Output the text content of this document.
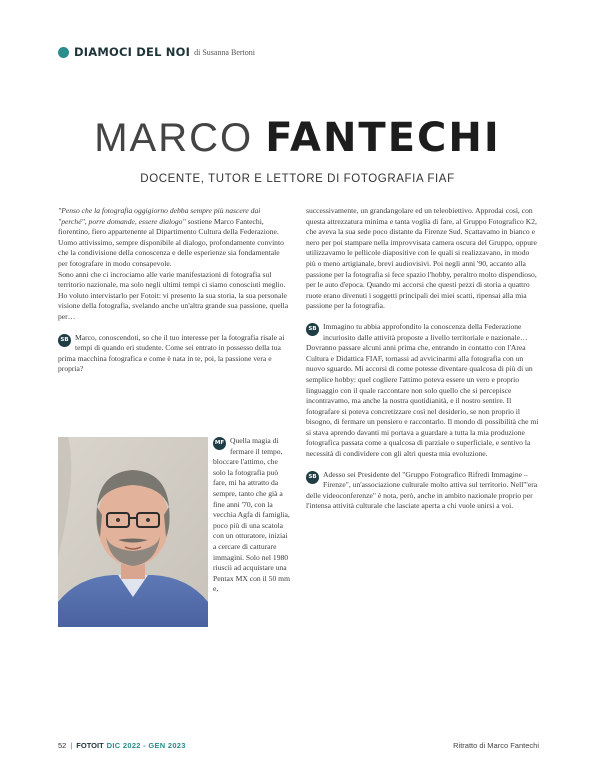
DIAMOCI DEL NOI di Susanna Bertoni
MARCO FANTECHI
DOCENTE, TUTOR E LETTORE DI FOTOGRAFIA FIAF

"Penso che la fotografia oggigiorno debba sempre più nascere dai "perché", porre domande, essere dialogo" sostiene Marco Fantechi, fiorentino, fiero appartenente al Dipartimento Cultura della Federazione. Uomo attivissimo, sempre disponibile al dialogo, profondamente convinto che la condivisione della conoscenza e delle esperienze sia fondamentale per fotografare in modo consapevole.

Sono anni che ci incrociamo alle varie manifestazioni di fotografia sul territorio nazionale, ma solo negli ultimi tempi ci siamo conosciuti meglio. Ho voluto intervistarlo per Fotoit: vi presento la sua storia, la sua personale visione della fotografia, svelando anche un'altra grande sua passione, quella per…

SB Marco, conoscendoti, so che il tuo interesse per la fotografia risale ai tempi di quando eri studente. Come sei entrato in possesso della tua prima macchina fotografica e come è nata in te, poi, la passione vera e propria?
MF Quella magia di fermare il tempo, bloccare l'attimo, che solo la fotografia può fare, mi ha attratto da sempre, tanto che già a fine anni '70, con la vecchia Agfa di famiglia, poco più di una scatola con un otturatore, iniziai a cercare di catturare immagini. Solo nel 1980 riuscii ad acquistare una Pentax MX con il 50 mm e,

successivamente, un grandangolare ed un teleobiettivo. Approdai così, con questa attrezzatura minima e tanta voglia di fare, al Gruppo Fotografico K2, che aveva la sua sede poco distante da Firenze Sud. Scattavamo in bianco e nero per poi stampare nella improvvisata camera oscura del Gruppo, oppure utilizzavamo le pellicole diapositive con le quali si realizzavano, in modo più o meno artigianale, brevi audiovisivi. Poi negli anni '90, accanto alla passione per la fotografia si fece spazio l'hobby, peraltro molto dispendioso, per le auto d'epoca. Quando mi accorsi che questi pezzi di storia a quattro ruote erano divenuti i soggetti principali dei miei scatti, ripensai alla mia passione per la fotografia.

SB Immagino tu abbia approfondito la conoscenza della Federazione incuriosito dalle attività proposte a livello territoriale e nazionale…

Dovranno passare alcuni anni prima che, entrando in contatto con l'Area Cultura e Didattica FIAF, tornassi ad avvicinarmi alla fotografia con un nuovo sguardo. Mi accorsi di come potesse diventare qualcosa di più di un semplice hobby: quel cogliere l'attimo poteva essere un vero e proprio linguaggio con il quale raccontare non solo quello che si percepisce incontravamo, ma anche la nostra quotidianità, e il nostro sentire. Il fotografare si poteva concretizzare così nel desiderio, se non proprio il bisogno, di fermare un pensiero e raccontarlo. Il mondo di possibilità che mi si stava aprendo davanti mi portava a guardare a tutta la mia produzione fotografica passata come a qualcosa di parziale o superficiale, e sentivo la necessità di condividere con gli altri questa mia evoluzione.

SB Adesso sei Presidente del "Gruppo Fotografico Rifredi Immagine – Firenze", un'associazione culturale molto attiva sul territorio. Nell'"era delle videoconferenze" è nota, però, anche in ambito nazionale proprio per l'intensa attività culturale che lasciate aperta a chi vuole unirsi a voi.
52 | FOTOIT DIC 2022 - GEN 2023	Ritratto di Marco Fantechi
